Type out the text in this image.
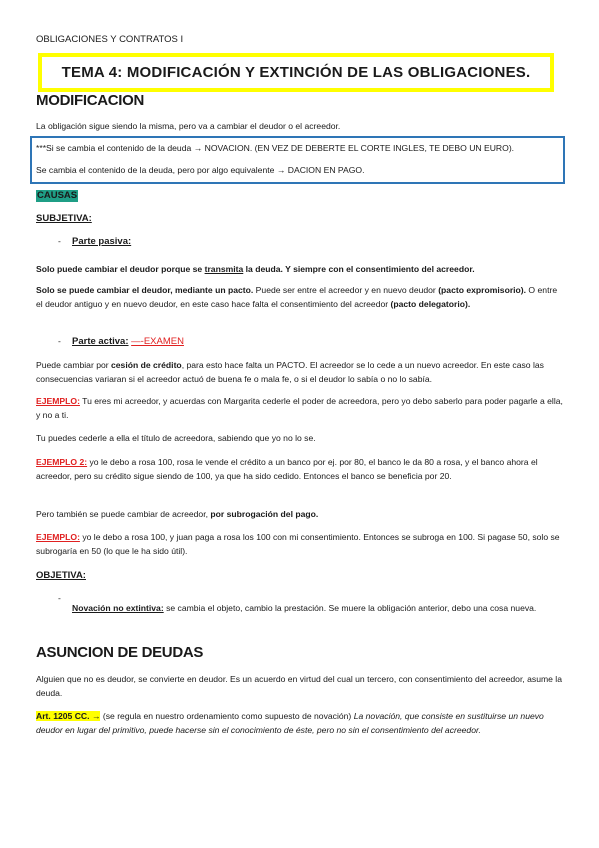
OBLIGACIONES Y CONTRATOS I
TEMA 4: MODIFICACIÓN Y EXTINCIÓN DE LAS OBLIGACIONES.
MODIFICACION

La obligación sigue siendo la misma, pero va a cambiar el deudor o el acreedor.

***Si se cambia el contenido de la deuda → NOVACION. (EN VEZ DE DEBERTE EL CORTE INGLES, TE DEBO UN EURO).

Se cambia el contenido de la deuda, pero por algo equivalente → DACION EN PAGO.

CAUSAS
SUBJETIVA:
- Parte pasiva:

Solo puede cambiar el deudor porque se transmita la deuda. Y siempre con el consentimiento del acreedor.

Solo se puede cambiar el deudor, mediante un pacto. Puede ser entre el acreedor y en nuevo deudor (pacto expromisorio). O entre el deudor antiguo y en nuevo deudor, en este caso hace falta el consentimiento del acreedor (pacto delegatorio).

- Parte activa: —-EXAMEN

Puede cambiar por cesión de crédito, para esto hace falta un PACTO. El acreedor se lo cede a un nuevo acreedor. En este caso las consecuencias variaran si el acreedor actuó de buena fe o mala fe, o si el deudor lo sabía o no lo sabía.

EJEMPLO: Tu eres mi acreedor, y acuerdas con Margarita cederle el poder de acreedora, pero yo debo saberlo para poder pagarle a ella, y no a ti.

Tu puedes cederle a ella el título de acreedora, sabiendo que yo no lo se.

EJEMPLO 2: yo le debo a rosa 100, rosa le vende el crédito a un banco por ej. por 80, el banco le da 80 a rosa, y el banco ahora el acreedor, pero su crédito sigue siendo de 100, ya que ha sido cedido. Entonces el banco se beneficia por 20.

Pero también se puede cambiar de acreedor, por subrogación del pago.

EJEMPLO: yo le debo a rosa 100, y juan paga a rosa los 100 con mi consentimiento. Entonces se subroga en 100. Si pagase 50, solo se subrogaría en 50 (lo que le ha sido útil).

OBJETIVA:
-

Novación no extintiva: se cambia el objeto, cambio la prestación. Se muere la obligación anterior, debo una cosa nueva.

ASUNCION DE DEUDAS

Alguien que no es deudor, se convierte en deudor. Es un acuerdo en virtud del cual un tercero, con consentimiento del acreedor, asume la deuda.

Art. 1205 CC. → (se regula en nuestro ordenamiento como supuesto de novación) La novación, que consiste en sustituirse un nuevo deudor en lugar del primitivo, puede hacerse sin el conocimiento de éste, pero no sin el consentimiento del acreedor.
